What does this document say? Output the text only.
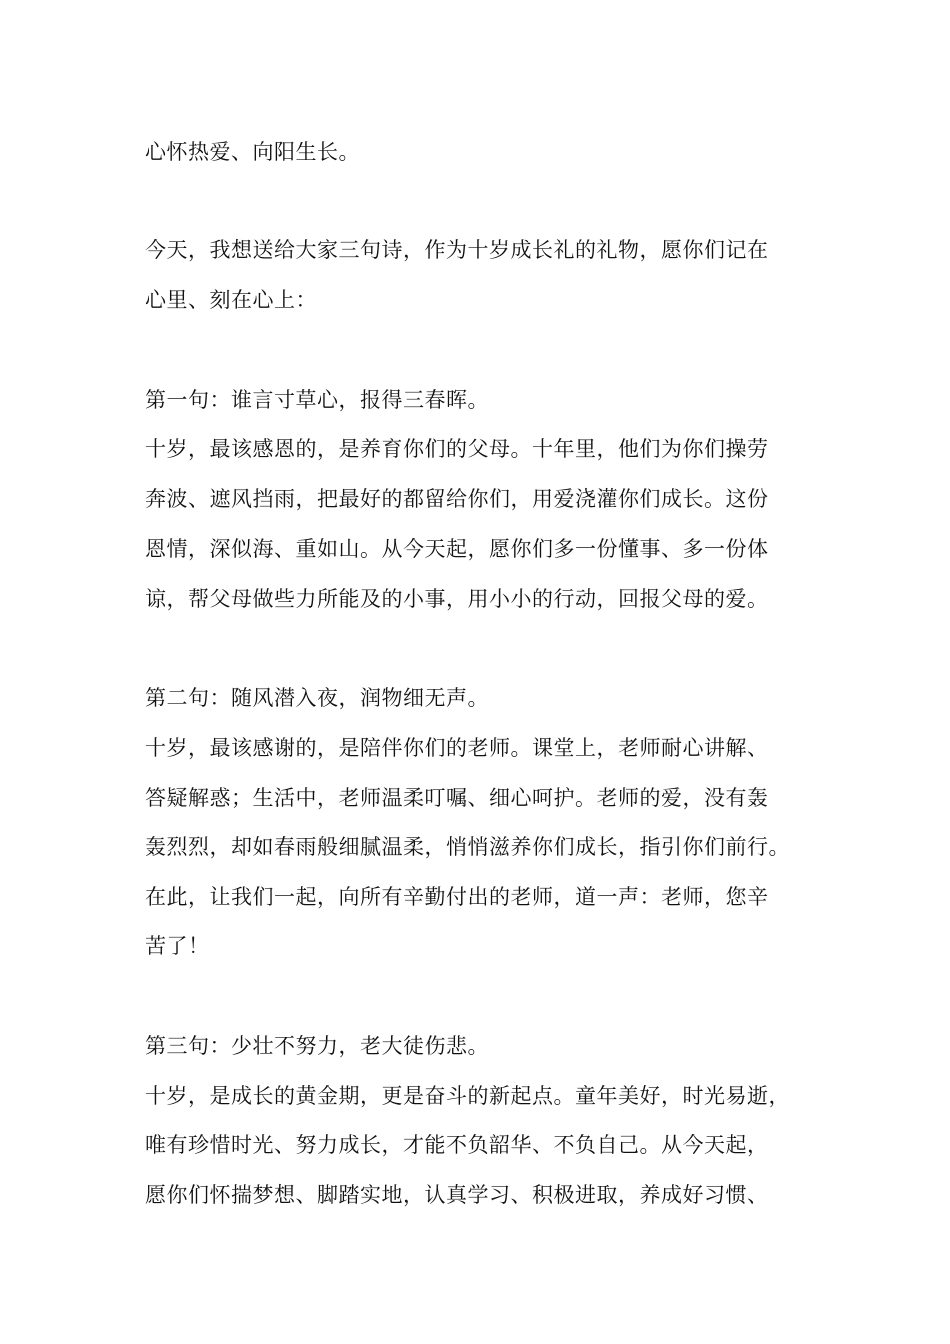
心怀热爱、向阳生长。

今天，我想送给大家三句诗，作为十岁成长礼的礼物，愿你们记在

心里、刻在心上：

第一句：谁言寸草心，报得三春晖。

十岁，最该感恩的，是养育你们的父母。十年里，他们为你们操劳

奔波、遮风挡雨，把最好的都留给你们，用爱浇灌你们成长。这份

恩情，深似海、重如山。从今天起，愿你们多一份懂事、多一份体

谅，帮父母做些力所能及的小事，用小小的行动，回报父母的爱。

第二句：随风潜入夜，润物细无声。

十岁，最该感谢的，是陪伴你们的老师。课堂上，老师耐心讲解、

答疑解惑；生活中，老师温柔叮嘱、细心呵护。老师的爱，没有轰

轰烈烈，却如春雨般细腻温柔，悄悄滋养你们成长，指引你们前行。

在此，让我们一起，向所有辛勤付出的老师，道一声：老师，您辛

苦了！

第三句：少壮不努力，老大徒伤悲。

十岁，是成长的黄金期，更是奋斗的新起点。童年美好，时光易逝，

唯有珍惜时光、努力成长，才能不负韶华、不负自己。从今天起，

愿你们怀揣梦想、脚踏实地，认真学习、积极进取，养成好习惯、
